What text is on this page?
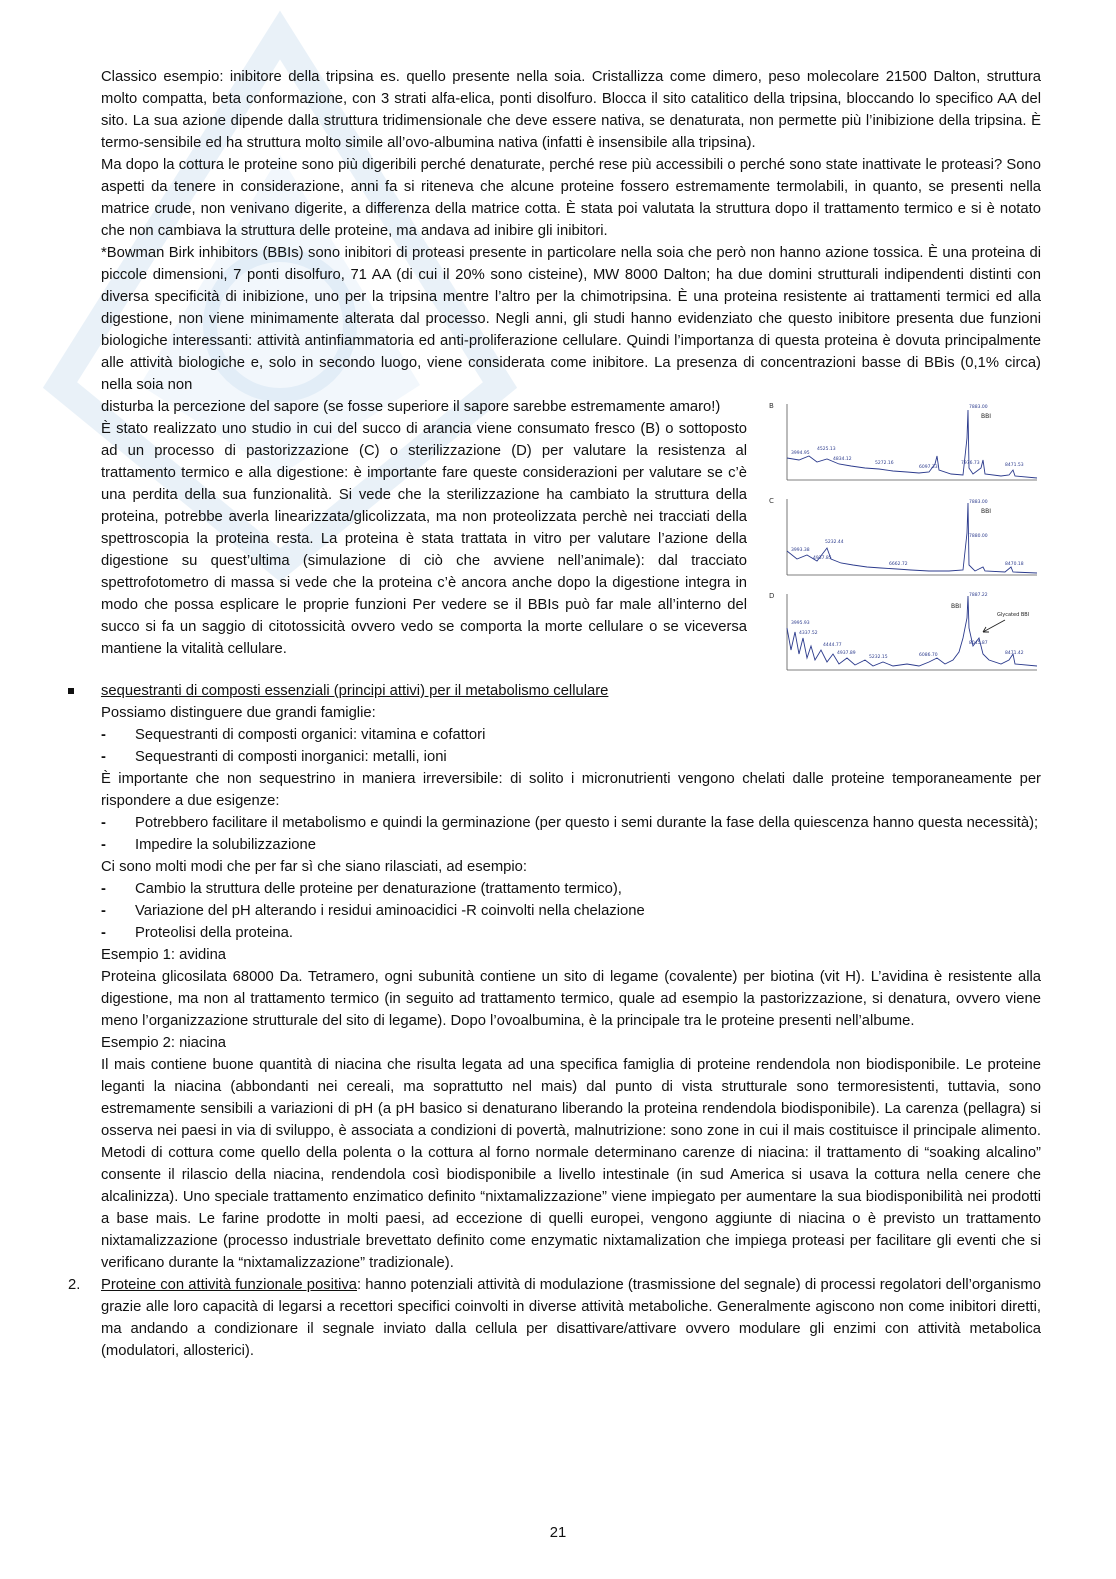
Classico esempio: inibitore della tripsina es. quello presente nella soia. Cristallizza come dimero, peso molecolare 21500 Dalton, struttura molto compatta, beta conformazione, con 3 strati alfa-elica, ponti disolfuro. Blocca il sito catalitico della tripsina, bloccando lo specifico AA del sito. La sua azione dipende dalla struttura tridimensionale che deve essere nativa, se denaturata, non permette più l’inibizione della tripsina. È termo-sensibile ed ha struttura molto simile all’ovo-albumina nativa (infatti è insensibile alla tripsina).

Ma dopo la cottura le proteine sono più digeribili perché denaturate, perché rese più accessibili o perché sono state inattivate le proteasi? Sono aspetti da tenere in considerazione, anni fa si riteneva che alcune proteine fossero estremamente termolabili, in quanto, se presenti nella matrice crude, non venivano digerite, a differenza della matrice cotta. È stata poi valutata la struttura dopo il trattamento termico e si è notato che non cambiava la struttura delle proteine, ma andava ad inibire gli inibitori.

*Bowman Birk inhibitors (BBIs) sono inibitori di proteasi presente in particolare nella soia che però non hanno azione tossica. È una proteina di piccole dimensioni, 7 ponti disolfuro, 71 AA (di cui il 20% sono cisteine), MW 8000 Dalton; ha due domini strutturali indipendenti distinti con diversa specificità di inibizione, uno per la tripsina mentre l’altro per la chimotripsina. È una proteina resistente ai trattamenti termici ed alla digestione, non viene minimamente alterata dal processo. Negli anni, gli studi hanno evidenziato che questo inibitore presenta due funzioni biologiche interessanti: attività antinfiammatoria ed anti-proliferazione cellulare. Quindi l’importanza di questa proteina è dovuta principalmente alle attività biologiche e, solo in secondo luogo, viene considerata come inibitore. La presenza di concentrazioni basse di BBis (0,1% circa) nella soia non

B
BBI
7883.00
3994.95
4525.13
4834.12
5272.16
6097.33
7976.73	8471.53
C
BBI
7883.00
3993.38
4937.85
5232.44
7880.00
6662.72	8470.18
D
BBI
Glycated BBI
7887.22
3995.93
4337.52
4444.77
4937.89
5232.15	6086.70
8045.87
8471.42

disturba la percezione del sapore (se fosse superiore il sapore sarebbe estremamente amaro!)

È stato realizzato uno studio in cui del succo di arancia viene consumato fresco (B) o sottoposto ad un processo di pastorizzazione (C) o sterilizzazione (D) per valutare la resistenza al trattamento termico e alla digestione: è importante fare queste considerazioni per valutare se c’è una perdita della sua funzionalità. Si vede che la sterilizzazione ha cambiato la struttura della proteina, potrebbe averla linearizzata/glicolizzata, ma non proteolizzata perchè nei tracciati della spettroscopia la proteina resta. La proteina è stata trattata in vitro per valutare l’azione della digestione su quest’ultima (simulazione di ciò che avviene nell’animale): dal tracciato spettrofotometro di massa si vede che la proteina c’è ancora anche dopo la digestione integra in modo che possa esplicare le proprie funzioni Per vedere se il BBIs può far male all’interno del succo si fa un saggio di citotossicità ovvero vedo se comporta la morte cellulare o se viceversa mantiene la vitalità cellulare.

sequestranti di composti essenziali (principi attivi) per il metabolismo cellulare

Possiamo distinguere due grandi famiglie:

- Sequestranti di composti organici: vitamina e cofattori
- Sequestranti di composti inorganici: metalli, ioni

È importante che non sequestrino in maniera irreversibile: di solito i micronutrienti vengono chelati dalle proteine temporaneamente per rispondere a due esigenze:

- Potrebbero facilitare il metabolismo e quindi la germinazione (per questo i semi durante la fase della quiescenza hanno questa necessità);
- Impedire la solubilizzazione

Ci sono molti modi che per far sì che siano rilasciati, ad esempio:

- Cambio la struttura delle proteine per denaturazione (trattamento termico),
- Variazione del pH alterando i residui aminoacidici -R coinvolti nella chelazione
- Proteolisi della proteina.

Esempio 1: avidina

Proteina glicosilata 68000 Da. Tetramero, ogni subunità contiene un sito di legame (covalente) per biotina (vit H). L’avidina è resistente alla digestione, ma non al trattamento termico (in seguito ad trattamento termico, quale ad esempio la pastorizzazione, si denatura, ovvero viene meno l’organizzazione strutturale del sito di legame). Dopo l’ovoalbumina, è la principale tra le proteine presenti nell’albume.

Esempio 2: niacina

Il mais contiene buone quantità di niacina che risulta legata ad una specifica famiglia di proteine rendendola non biodisponibile. Le proteine leganti la niacina (abbondanti nei cereali, ma soprattutto nel mais) dal punto di vista strutturale sono termoresistenti, tuttavia, sono estremamente sensibili a variazioni di pH (a pH basico si denaturano liberando la proteina rendendola biodisponibile). La carenza (pellagra) si osserva nei paesi in via di sviluppo, è associata a condizioni di povertà, malnutrizione: sono zone in cui il mais costituisce il principale alimento. Metodi di cottura come quello della polenta o la cottura al forno normale determinano carenze di niacina: il trattamento di “soaking alcalino” consente il rilascio della niacina, rendendola così biodisponibile a livello intestinale (in sud America si usava la cottura nella cenere che alcalinizza). Uno speciale trattamento enzimatico definito “nixtamalizzazione” viene impiegato per aumentare la sua biodisponibilità nei prodotti a base mais. Le farine prodotte in molti paesi, ad eccezione di quelli europei, vengono aggiunte di niacina o è previsto un trattamento nixtamalizzazione (processo industriale brevettato definito come enzymatic nixtamalization che impiega proteasi per facilitare gli eventi che si verificano durante la “nixtamalizzazione” tradizionale).

2. Proteine con attività funzionale positiva: hanno potenziali attività di modulazione (trasmissione del segnale) di processi regolatori dell’organismo grazie alle loro capacità di legarsi a recettori specifici coinvolti in diverse attività metaboliche. Generalmente agiscono non come inibitori diretti, ma andando a condizionare il segnale inviato dalla cellula per disattivare/attivare ovvero modulare gli enzimi con attività metabolica (modulatori, allosterici).
21
